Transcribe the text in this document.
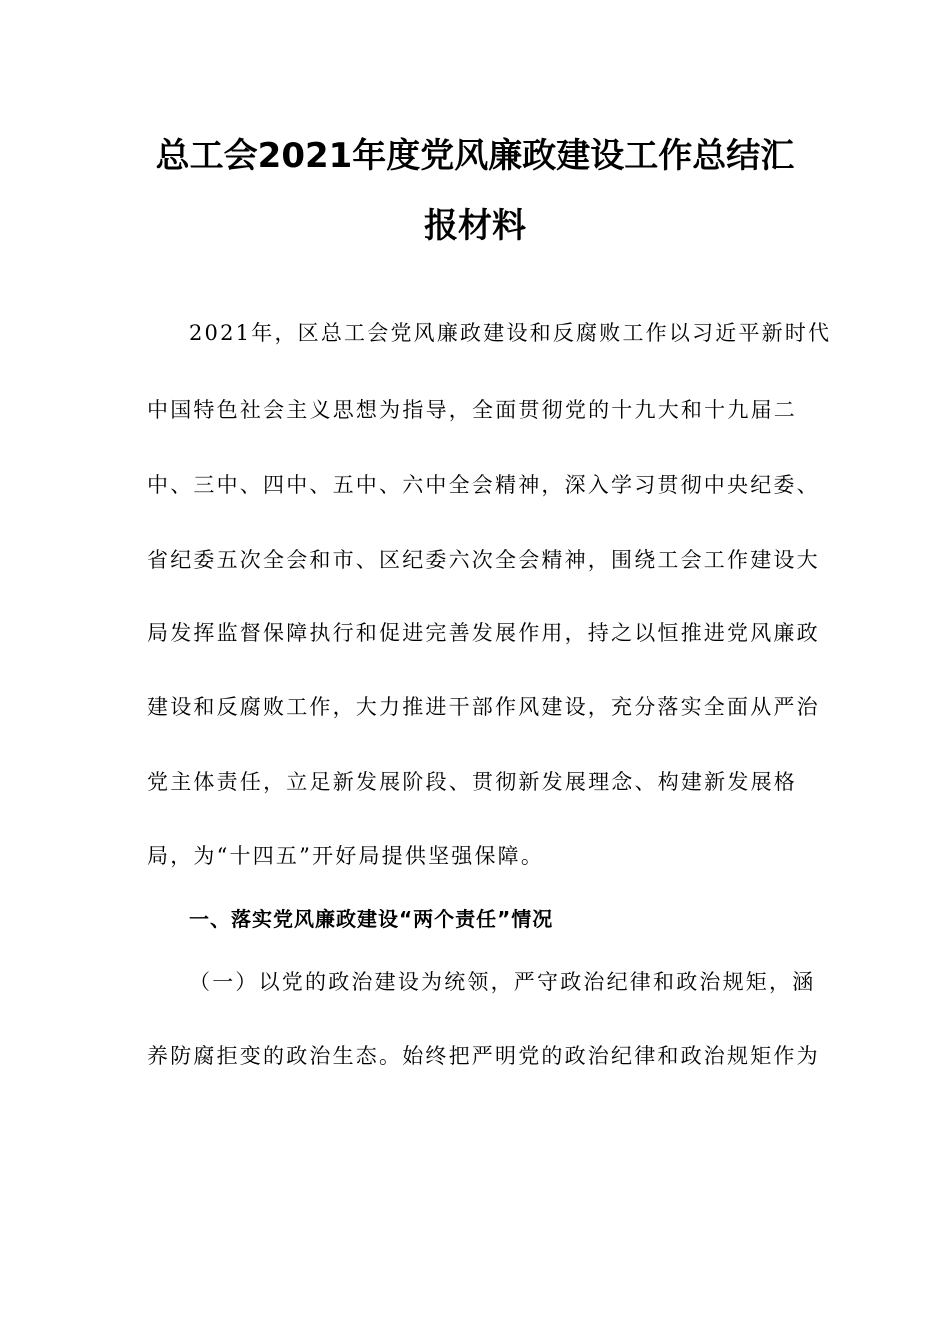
总工会2021年度党风廉政建设工作总结汇
报材料
2021年，区总工会党风廉政建设和反腐败工作以习近平新时代
中国特色社会主义思想为指导，全面贯彻党的十九大和十九届二
中、三中、四中、五中、六中全会精神，深入学习贯彻中央纪委、
省纪委五次全会和市、区纪委六次全会精神，围绕工会工作建设大
局发挥监督保障执行和促进完善发展作用，持之以恒推进党风廉政
建设和反腐败工作，大力推进干部作风建设，充分落实全面从严治
党主体责任，立足新发展阶段、贯彻新发展理念、构建新发展格
局，为“十四五”开好局提供坚强保障。
一、落实党风廉政建设“两个责任”情况
（一）以党的政治建设为统领，严守政治纪律和政治规矩，涵
养防腐拒变的政治生态。始终把严明党的政治纪律和政治规矩作为
